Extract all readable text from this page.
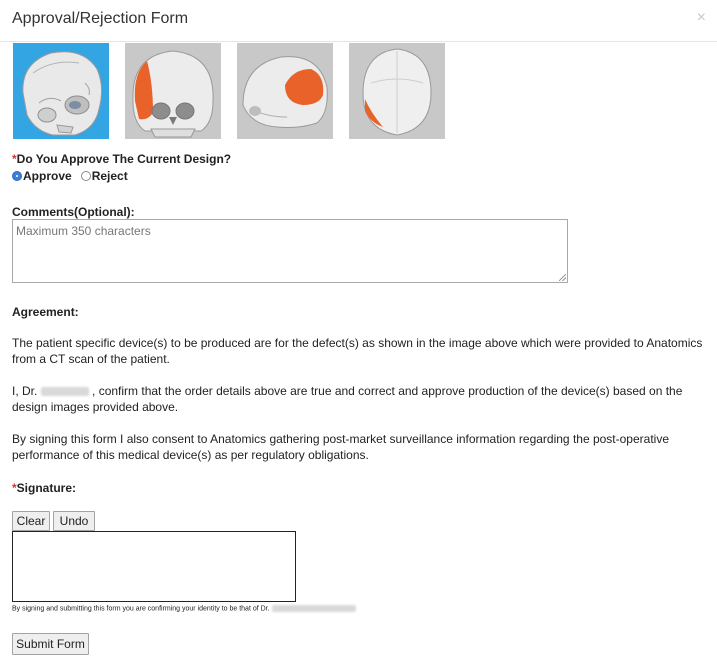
Approval/Rejection Form	×
*Do You Approve The Current Design?
Approve Reject
Comments(Optional):
Maximum 350 characters
Agreement:
The patient specific device(s) to be produced are for the defect(s) as shown in the image above which were provided to Anatomics from a CT scan of the patient.
I, Dr.	, confirm that the order details above are true and correct and approve production of the device(s) based on the design images provided above.
By signing this form I also consent to Anatomics gathering post-market surveillance information regarding the post-operative performance of this medical device(s) as per regulatory obligations.
*Signature:
Clear	Undo
By signing and submitting this form you are confirming your identity to be that of Dr.
Submit Form
